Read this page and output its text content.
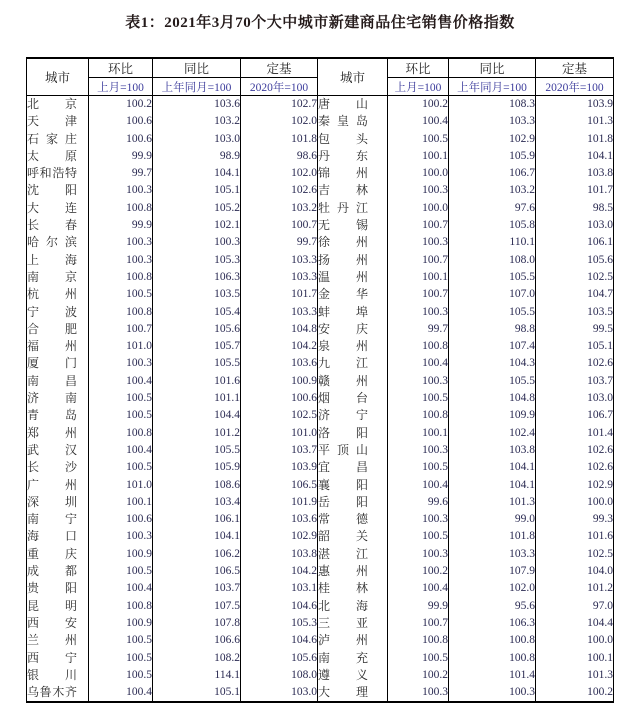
表1：2021年3月70个大中城市新建商品住宅销售价格指数
城市	环比	同比	定基	城市	环比	同比	定基
	上月=100	上年同月=100	2020年=100		上月=100	上年同月=100	2020年=100
北京	100.2	103.6	102.7	唐山	100.2	108.3	103.9
天津	100.6	103.2	102.0	秦皇岛	100.4	103.3	101.3
石家庄	100.6	103.0	101.8	包头	100.5	102.9	101.8
太原	99.9	98.9	98.6	丹东	100.1	105.9	104.1
呼和浩特	99.7	104.1	102.0	锦州	100.0	106.7	103.8
沈阳	100.3	105.1	102.6	吉林	100.3	103.2	101.7
大连	100.8	105.2	103.2	牡丹江	100.0	97.6	98.5
长春	99.9	102.1	100.7	无锡	100.7	105.8	103.0
哈尔滨	100.3	100.3	99.7	徐州	100.3	110.1	106.1
上海	100.3	105.3	103.3	扬州	100.7	108.0	105.6
南京	100.8	106.3	103.3	温州	100.1	105.5	102.5
杭州	100.5	103.5	101.7	金华	100.7	107.0	104.7
宁波	100.8	105.4	103.3	蚌埠	100.3	105.5	103.5
合肥	100.7	105.6	104.8	安庆	99.7	98.8	99.5
福州	101.0	105.7	104.2	泉州	100.8	107.4	105.1
厦门	100.3	105.5	103.6	九江	100.4	104.3	102.6
南昌	100.4	101.6	100.9	赣州	100.3	105.5	103.7
济南	100.5	101.1	100.6	烟台	100.5	104.8	103.0
青岛	100.5	104.4	102.5	济宁	100.8	109.9	106.7
郑州	100.8	101.2	101.0	洛阳	100.1	102.4	101.4
武汉	100.4	105.5	103.7	平顶山	100.3	103.8	102.6
长沙	100.5	105.9	103.9	宜昌	100.5	104.1	102.6
广州	101.0	108.6	106.5	襄阳	100.4	104.1	102.9
深圳	100.1	103.4	101.9	岳阳	99.6	101.3	100.0
南宁	100.6	106.1	103.6	常德	100.3	99.0	99.3
海口	100.3	104.1	102.9	韶关	100.5	101.8	101.6
重庆	100.9	106.2	103.8	湛江	100.3	103.3	102.5
成都	100.5	106.5	104.2	惠州	100.2	107.9	104.0
贵阳	100.4	103.7	103.1	桂林	100.4	102.0	101.2
昆明	100.8	107.5	104.6	北海	99.9	95.6	97.0
西安	100.9	107.8	105.3	三亚	100.7	106.3	104.4
兰州	100.5	106.6	104.6	泸州	100.8	100.8	100.0
西宁	100.5	108.2	105.6	南充	100.5	100.8	100.1
银川	100.5	114.1	108.0	遵义	100.2	101.4	101.3
乌鲁木齐	100.4	105.1	103.0	大理	100.3	100.3	100.2
